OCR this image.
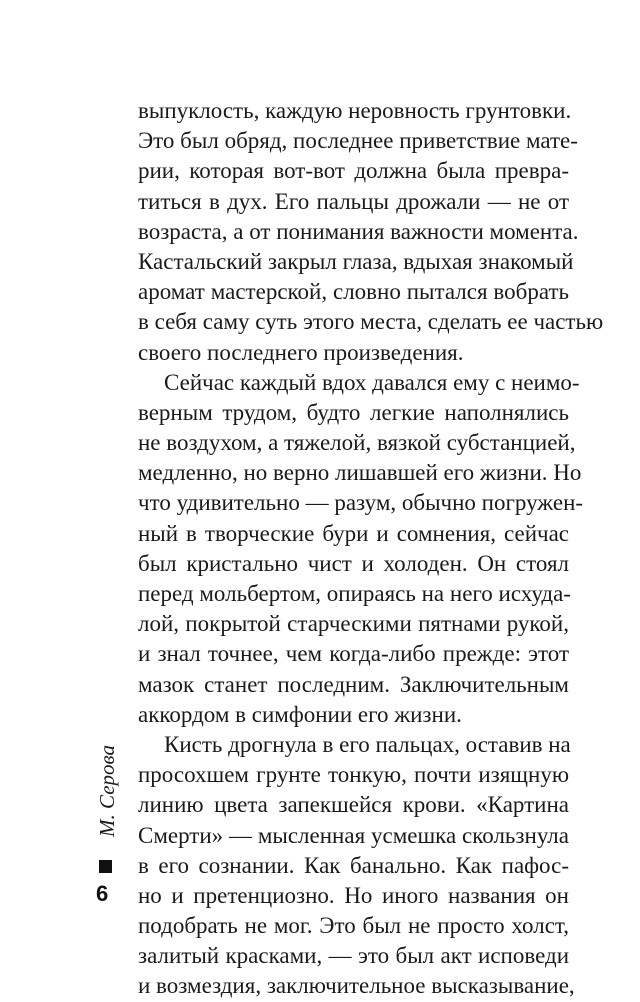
выпуклость, каждую неровность грунтовки.
Это был обряд, последнее приветствие мате-
рии, которая вот-вот должна была превра-
титься в дух. Его пальцы дрожали — не от
возраста, а от понимания важности момента.
Кастальский закрыл глаза, вдыхая знакомый
аромат мастерской, словно пытался вобрать
в себя саму суть этого места, сделать ее частью
своего последнего произведения.
Сейчас каждый вдох давался ему с неимо-
верным трудом, будто легкие наполнялись
не воздухом, а тяжелой, вязкой субстанцией,
медленно, но верно лишавшей его жизни. Но
что удивительно — разум, обычно погружен-
ный в творческие бури и сомнения, сейчас
был кристально чист и холоден. Он стоял
перед мольбертом, опираясь на него исхуда-
лой, покрытой старческими пятнами рукой,
и знал точнее, чем когда-либо прежде: этот
мазок станет последним. Заключительным
аккордом в симфонии его жизни.
Кисть дрогнула в его пальцах, оставив на
просохшем грунте тонкую, почти изящную
линию цвета запекшейся крови. «Картина
Смерти» — мысленная усмешка скользнула
в его сознании. Как банально. Как пафос-
но и претенциозно. Но иного названия он
подобрать не мог. Это был не просто холст,
залитый красками, — это был акт исповеди
и возмездия, заключительное высказывание,
М. Серова
6
